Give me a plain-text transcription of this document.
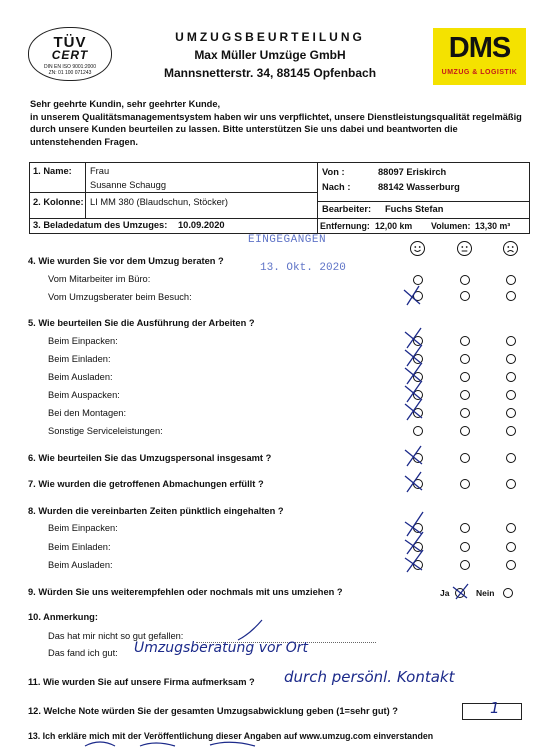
TÜV
CERT
DIN EN ISO 9001:2000
ZN: 01 100 071243
UMZUGSBEURTEILUNG
Max Müller Umzüge GmbH
Mannsnetterstr. 34, 88145 Opfenbach
DMS
UMZUG & LOGISTIK
Sehr geehrte Kundin, sehr geehrter Kunde,
in unserem Qualitätsmanagementsystem haben wir uns verpflichtet, unsere Dienstleistungsqualität regelmäßig durch unsere Kunden beurteilen zu lassen. Bitte unterstützen Sie uns dabei und beantworten die untenstehenden Fragen.
1. Name: Frau
Susanne Schaugg
2. Kolonne: LI MM 380 (Blaudschun, Stöcker)
3. Beladedatum des Umzuges: 10.09.2020
Von :	88097 Eriskirch
Nach :	88142 Wasserburg
Bearbeiter: Fuchs Stefan
Entfernung: 12,00 km Volumen: 13,30 m³
EINGEGANGEN
13. Okt. 2020
4. Wie wurden Sie vor dem Umzug beraten ?
Vom Mitarbeiter im Büro:
Vom Umzugsberater beim Besuch:
5. Wie beurteilen Sie die Ausführung der Arbeiten ?
Beim Einpacken:
Beim Einladen:
Beim Ausladen:
Beim Auspacken:
Bei den Montagen:
Sonstige Serviceleistungen:
6. Wie beurteilen Sie das Umzugspersonal insgesamt ?
7. Wie wurden die getroffenen Abmachungen erfüllt ?
8. Wurden die vereinbarten Zeiten pünktlich eingehalten ?
Beim Einpacken:
Beim Einladen:
Beim Ausladen:
9. Würden Sie uns weiterempfehlen oder nochmals mit uns umziehen ?	Ja	Nein
10. Anmerkung:
Das hat mir nicht so gut gefallen:
Das fand ich gut: Umzugsberatung vor Ort
11. Wie wurden Sie auf unsere Firma aufmerksam ? durch persönl. Kontakt
12. Welche Note würden Sie der gesamten Umzugsabwicklung geben (1=sehr gut) ?	1
13. Ich erkläre mich mit der Veröffentlichung dieser Angaben auf www.umzug.com einverstanden
